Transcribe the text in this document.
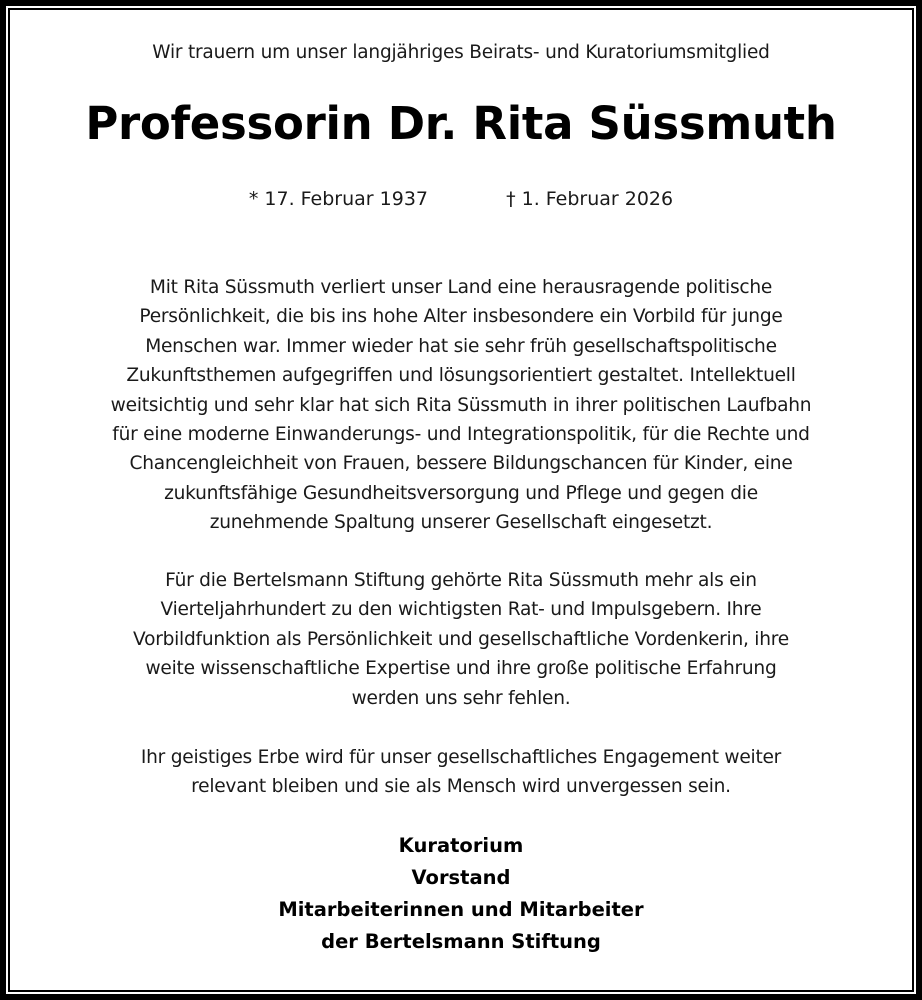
Wir trauern um unser langjähriges Beirats- und Kuratoriumsmitglied
Professorin Dr. Rita Süssmuth
* 17. Februar 1937	† 1. Februar 2026
Mit Rita Süssmuth verliert unser Land eine herausragende politische
Persönlichkeit, die bis ins hohe Alter insbesondere ein Vorbild für junge
Menschen war. Immer wieder hat sie sehr früh gesellschaftspolitische
Zukunftsthemen aufgegriffen und lösungsorientiert gestaltet. Intellektuell
weitsichtig und sehr klar hat sich Rita Süssmuth in ihrer politischen Laufbahn
für eine moderne Einwanderungs- und Integrationspolitik, für die Rechte und
Chancengleichheit von Frauen, bessere Bildungschancen für Kinder, eine
zukunftsfähige Gesundheitsversorgung und Pflege und gegen die
zunehmende Spaltung unserer Gesellschaft eingesetzt.
Für die Bertelsmann Stiftung gehörte Rita Süssmuth mehr als ein
Vierteljahrhundert zu den wichtigsten Rat- und Impulsgebern. Ihre
Vorbildfunktion als Persönlichkeit und gesellschaftliche Vordenkerin, ihre
weite wissenschaftliche Expertise und ihre große politische Erfahrung
werden uns sehr fehlen.
Ihr geistiges Erbe wird für unser gesellschaftliches Engagement weiter
relevant bleiben und sie als Mensch wird unvergessen sein.
Kuratorium
Vorstand
Mitarbeiterinnen und Mitarbeiter
der Bertelsmann Stiftung
